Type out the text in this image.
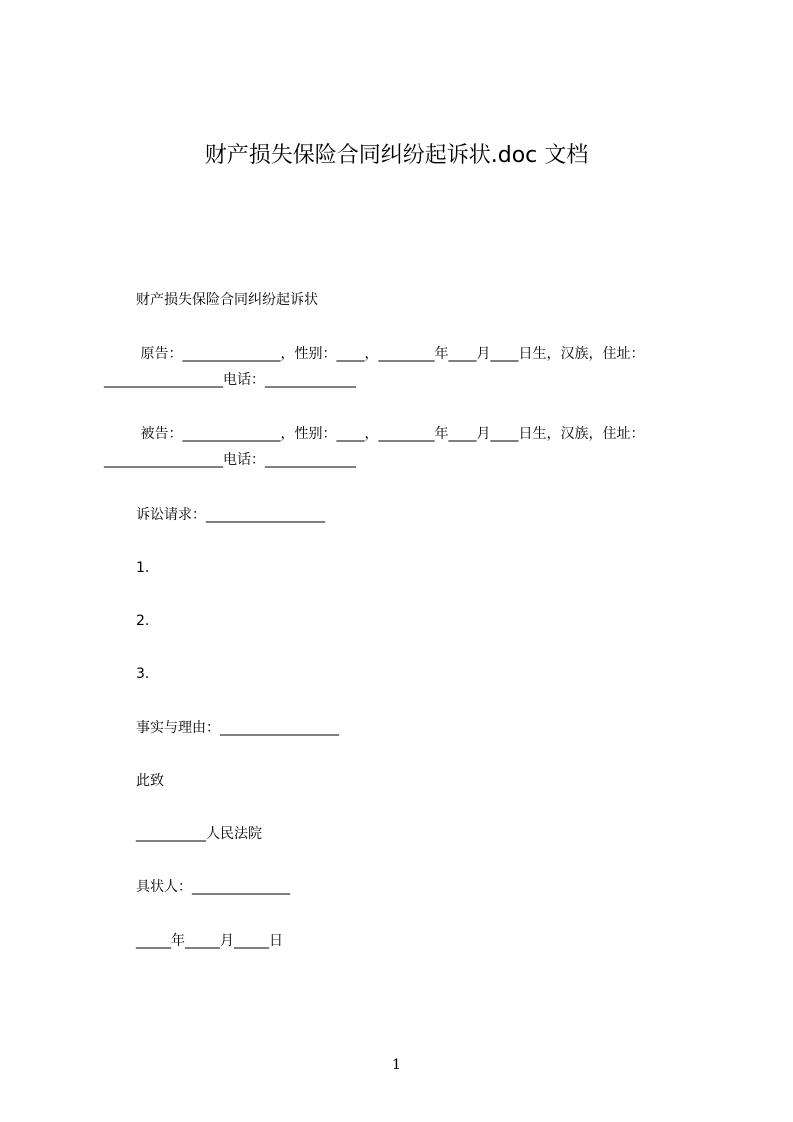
财产损失保险合同纠纷起诉状.doc 文档
财产损失保险合同纠纷起诉状
原告：______________，性别：____，________年____月____日生，汉族，住址：
_________________电话：_____________
被告：______________，性别：____，________年____月____日生，汉族，住址：
_________________电话：_____________
诉讼请求：_________________
1.
2.
3.
事实与理由：_________________
此致
__________人民法院
具状人：______________
_____年_____月_____日
1
